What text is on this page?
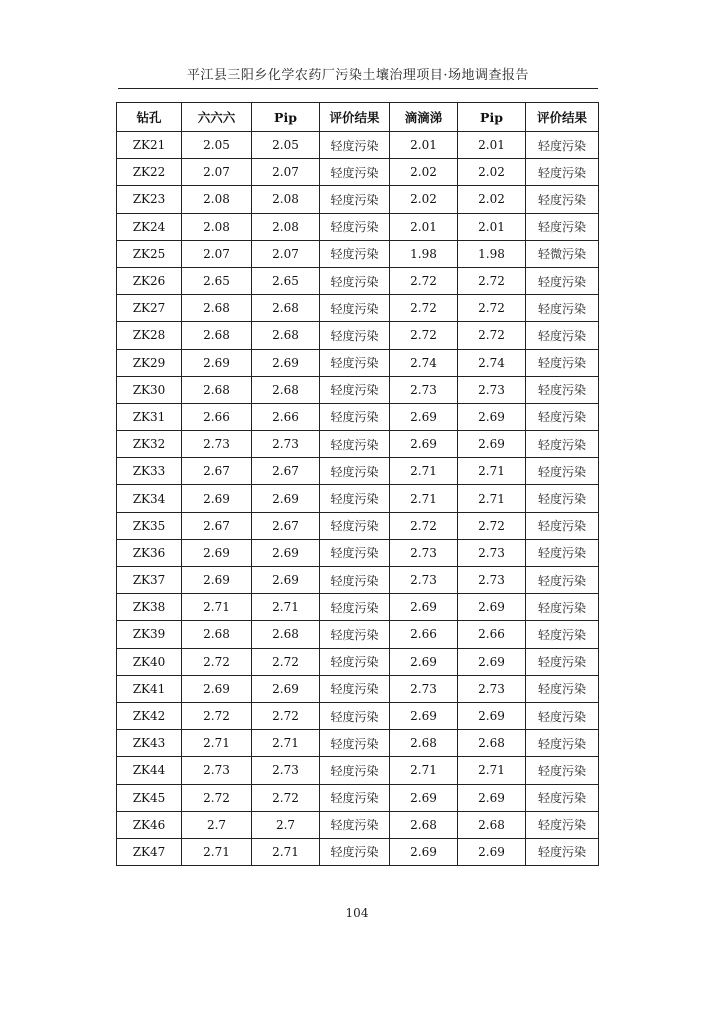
平江县三阳乡化学农药厂污染土壤治理项目·场地调查报告
钻孔	六六六	Pip	评价结果	滴滴涕	Pip	评价结果
ZK21	2.05	2.05	轻度污染	2.01	2.01	轻度污染
ZK22	2.07	2.07	轻度污染	2.02	2.02	轻度污染
ZK23	2.08	2.08	轻度污染	2.02	2.02	轻度污染
ZK24	2.08	2.08	轻度污染	2.01	2.01	轻度污染
ZK25	2.07	2.07	轻度污染	1.98	1.98	轻微污染
ZK26	2.65	2.65	轻度污染	2.72	2.72	轻度污染
ZK27	2.68	2.68	轻度污染	2.72	2.72	轻度污染
ZK28	2.68	2.68	轻度污染	2.72	2.72	轻度污染
ZK29	2.69	2.69	轻度污染	2.74	2.74	轻度污染
ZK30	2.68	2.68	轻度污染	2.73	2.73	轻度污染
ZK31	2.66	2.66	轻度污染	2.69	2.69	轻度污染
ZK32	2.73	2.73	轻度污染	2.69	2.69	轻度污染
ZK33	2.67	2.67	轻度污染	2.71	2.71	轻度污染
ZK34	2.69	2.69	轻度污染	2.71	2.71	轻度污染
ZK35	2.67	2.67	轻度污染	2.72	2.72	轻度污染
ZK36	2.69	2.69	轻度污染	2.73	2.73	轻度污染
ZK37	2.69	2.69	轻度污染	2.73	2.73	轻度污染
ZK38	2.71	2.71	轻度污染	2.69	2.69	轻度污染
ZK39	2.68	2.68	轻度污染	2.66	2.66	轻度污染
ZK40	2.72	2.72	轻度污染	2.69	2.69	轻度污染
ZK41	2.69	2.69	轻度污染	2.73	2.73	轻度污染
ZK42	2.72	2.72	轻度污染	2.69	2.69	轻度污染
ZK43	2.71	2.71	轻度污染	2.68	2.68	轻度污染
ZK44	2.73	2.73	轻度污染	2.71	2.71	轻度污染
ZK45	2.72	2.72	轻度污染	2.69	2.69	轻度污染
ZK46	2.7	2.7	轻度污染	2.68	2.68	轻度污染
ZK47	2.71	2.71	轻度污染	2.69	2.69	轻度污染
104
